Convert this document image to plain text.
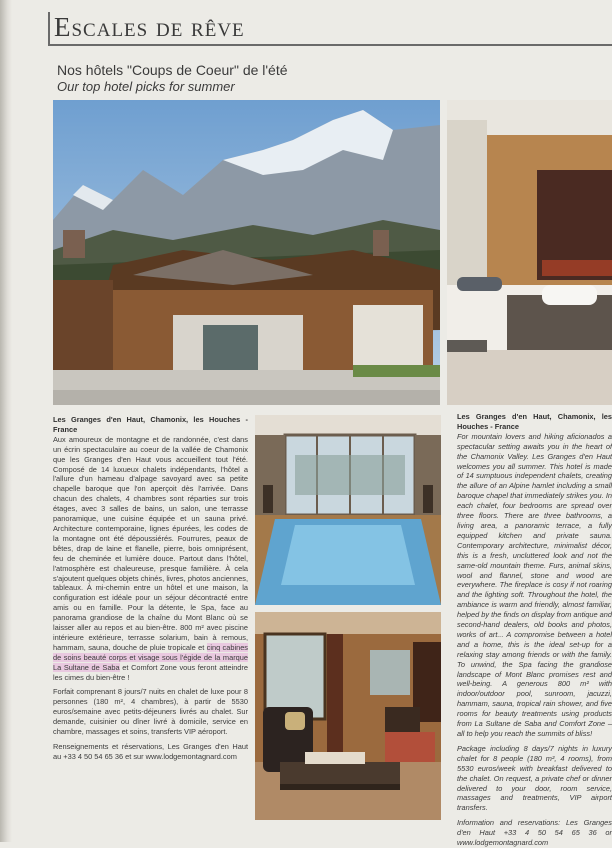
Escales de rêve
Nos hôtels "Coups de Coeur" de l'été
Our top hotel picks for summer

Les Granges d'en Haut, Chamonix, les Houches - France
Aux amoureux de montagne et de randonnée, c'est dans un écrin spectaculaire au coeur de la vallée de Chamonix que les Granges d'en Haut vous accueillent tout l'été. Composé de 14 luxueux chalets indépendants, l'hôtel a l'allure d'un hameau d'alpage savoyard avec sa petite chapelle baroque que l'on aperçoit dès l'arrivée. Dans chacun des chalets, 4 chambres sont réparties sur trois étages, avec 3 salles de bains, un salon, une terrasse panoramique, une cuisine équipée et un sauna privé. Architecture contemporaine, lignes épurées, les codes de la montagne ont été dépoussiérés. Fourrures, peaux de bêtes, drap de laine et flanelle, pierre, bois omniprésent, feu de cheminée et lumière douce. Partout dans l'hôtel, l'atmosphère est chaleureuse, presque familière. À cela s'ajoutent quelques objets chinés, livres, photos anciennes, tableaux. À mi-chemin entre un hôtel et une maison, la configuration est idéale pour un séjour décontracté entre amis ou en famille. Pour la détente, le Spa, face au panorama grandiose de la chaîne du Mont Blanc où se laisser aller au repos et au bien-être. 800 m² avec piscine intérieure extérieure, terrasse solarium, bain à remous, hammam, sauna, douche de pluie tropicale et cinq cabines de soins beauté corps et visage sous l'égide de la marque La Sultane de Saba et Comfort Zone vous feront atteindre les cimes du bien-être !

Forfait comprenant 8 jours/7 nuits en chalet de luxe pour 8 personnes (180 m², 4 chambres), à partir de 5530 euros/semaine avec petits-déjeuners livrés au chalet. Sur demande, cuisinier ou dîner livré à domicile, service en chambre, massages et soins, transferts VIP aéroport.

Renseignements et réservations, Les Granges d'en Haut au +33 4 50 54 65 36 et sur www.lodgemontagnard.com

Les Granges d'en Haut, Chamonix, les Houches - France
For mountain lovers and hiking aficionados a spectacular setting awaits you in the heart of the Chamonix Valley. Les Granges d'en Haut welcomes you all summer. This hotel is made of 14 sumptuous independent chalets, creating the allure of an Alpine hamlet including a small baroque chapel that immediately strikes you. In each chalet, four bedrooms are spread over three floors. There are three bathrooms, a living area, a panoramic terrace, a fully equipped kitchen and private sauna. Contemporary architecture, minimalist décor, this is a fresh, uncluttered look and not the same-old mountain theme. Furs, animal skins, wool and flannel, stone and wood are everywhere. The fireplace is cosy if not roaring and the lighting soft. Throughout the hotel, the ambiance is warm and friendly, almost familiar, helped by the finds on display from antique and second-hand dealers, old books and photos, works of art... A compromise between a hotel and a home, this is the ideal set-up for a relaxing stay among friends or with the family. To unwind, the Spa facing the grandiose landscape of Mont Blanc promises rest and well-being. A generous 800 m² with indoor/outdoor pool, sunroom, jacuzzi, hammam, sauna, tropical rain shower, and five rooms for beauty treatments using products from La Sultane de Saba and Comfort Zone – all to help you reach the summits of bliss!

Package including 8 days/7 nights in luxury chalet for 8 people (180 m², 4 rooms), from 5530 euros/week with breakfast delivered to the chalet. On request, a private chef or dinner delivered to your door, room service, massages and treatments, VIP airport transfers.

Information and reservations: Les Granges d'en Haut +33 4 50 54 65 36 or www.lodgemontagnard.com
